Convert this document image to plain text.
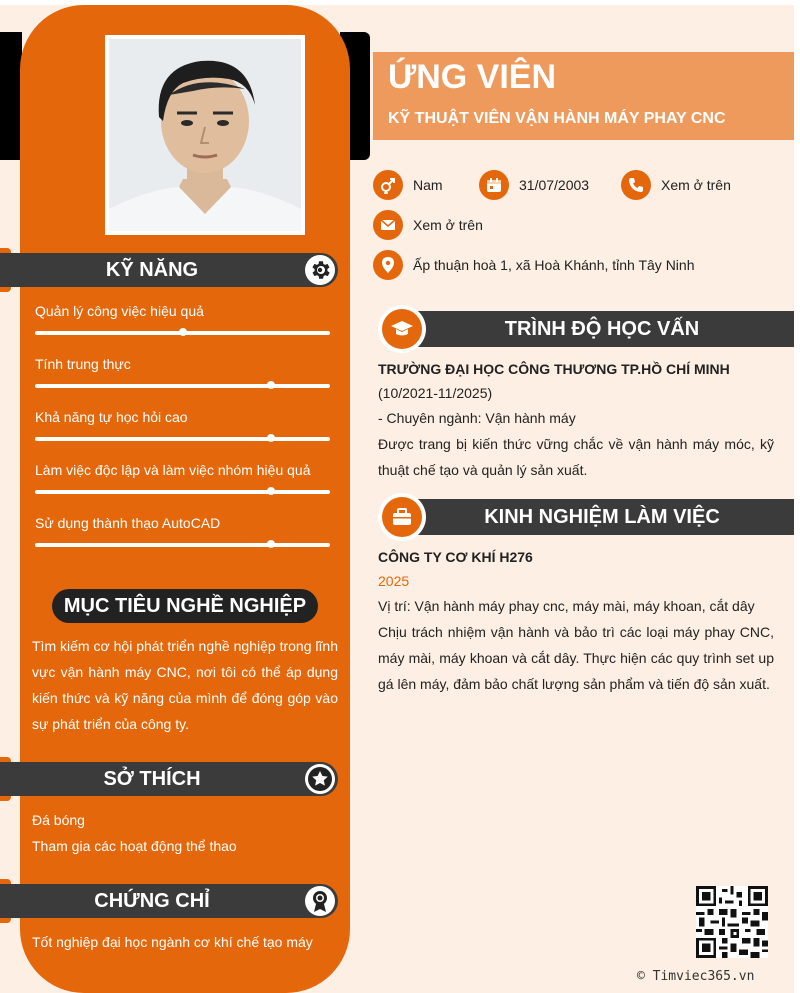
KỸ NĂNG
Quản lý công việc hiệu quả
Tính trung thực
Khả năng tự học hỏi cao
Làm việc độc lập và làm việc nhóm hiệu quả
Sử dụng thành thạo AutoCAD
MỤC TIÊU NGHỀ NGHIỆP
Tìm kiếm cơ hội phát triển nghề nghiệp trong lĩnh vực vận hành máy CNC, nơi tôi có thể áp dụng kiến thức và kỹ năng của mình để đóng góp vào sự phát triển của công ty.
SỞ THÍCH
Đá bóng
Tham gia các hoạt động thể thao
CHỨNG CHỈ
Tốt nghiệp đại học ngành cơ khí chế tạo máy
ỨNG VIÊN
KỸ THUẬT VIÊN VẬN HÀNH MÁY PHAY CNC
Nam	31/07/2003	Xem ở trên
Xem ở trên
Ấp thuận hoà 1, xã Hoà Khánh, tỉnh Tây Ninh
TRÌNH ĐỘ HỌC VẤN
TRƯỜNG ĐẠI HỌC CÔNG THƯƠNG TP.HỒ CHÍ MINH
(10/2021-11/2025)
- Chuyên ngành: Vận hành máy
Được trang bị kiến thức vững chắc về vận hành máy móc, kỹ thuật chế tạo và quản lý sản xuất.
KINH NGHIỆM LÀM VIỆC
CÔNG TY CƠ KHÍ H276
2025
Vị trí: Vận hành máy phay cnc, máy mài, máy khoan, cắt dây
Chịu trách nhiệm vận hành và bảo trì các loại máy phay CNC, máy mài, máy khoan và cắt dây. Thực hiện các quy trình set up gá lên máy, đảm bảo chất lượng sản phẩm và tiến độ sản xuất.
© Timviec365.vn
